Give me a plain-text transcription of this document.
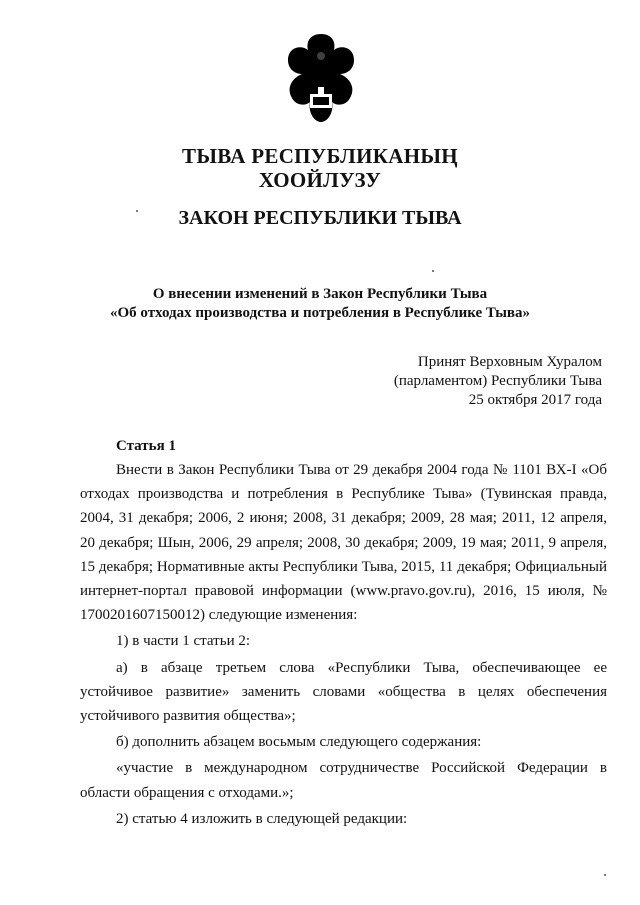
ТЫВА РЕСПУБЛИКАНЫҢ
ХООЙЛУЗУ
ЗАКОН РЕСПУБЛИКИ ТЫВА
О внесении изменений в Закон Республики Тыва
«Об отходах производства и потребления в Республике Тыва»
Принят Верховным Хуралом
(парламентом) Республики Тыва
25 октября 2017 года
Статья 1

Внести в Закон Республики Тыва от 29 декабря 2004 года № 1101 ВХ-I «Об отходах производства и потребления в Республике Тыва» (Тувинская правда, 2004, 31 декабря; 2006, 2 июня; 2008, 31 декабря; 2009, 28 мая; 2011, 12 апреля, 20 декабря; Шын, 2006, 29 апреля; 2008, 30 декабря; 2009, 19 мая; 2011, 9 апреля, 15 декабря; Нормативные акты Республики Тыва, 2015, 11 декабря; Официальный интернет-портал правовой информации (www.pravo.gov.ru), 2016, 15 июля, № 1700201607150012) следующие изменения:

1) в части 1 статьи 2:

а) в абзаце третьем слова «Республики Тыва, обеспечивающее ее устойчивое развитие» заменить словами «общества в целях обеспечения устойчивого развития общества»;

б) дополнить абзацем восьмым следующего содержания:

«участие в международном сотрудничестве Российской Федерации в области обращения с отходами.»;

2) статью 4 изложить в следующей редакции:
